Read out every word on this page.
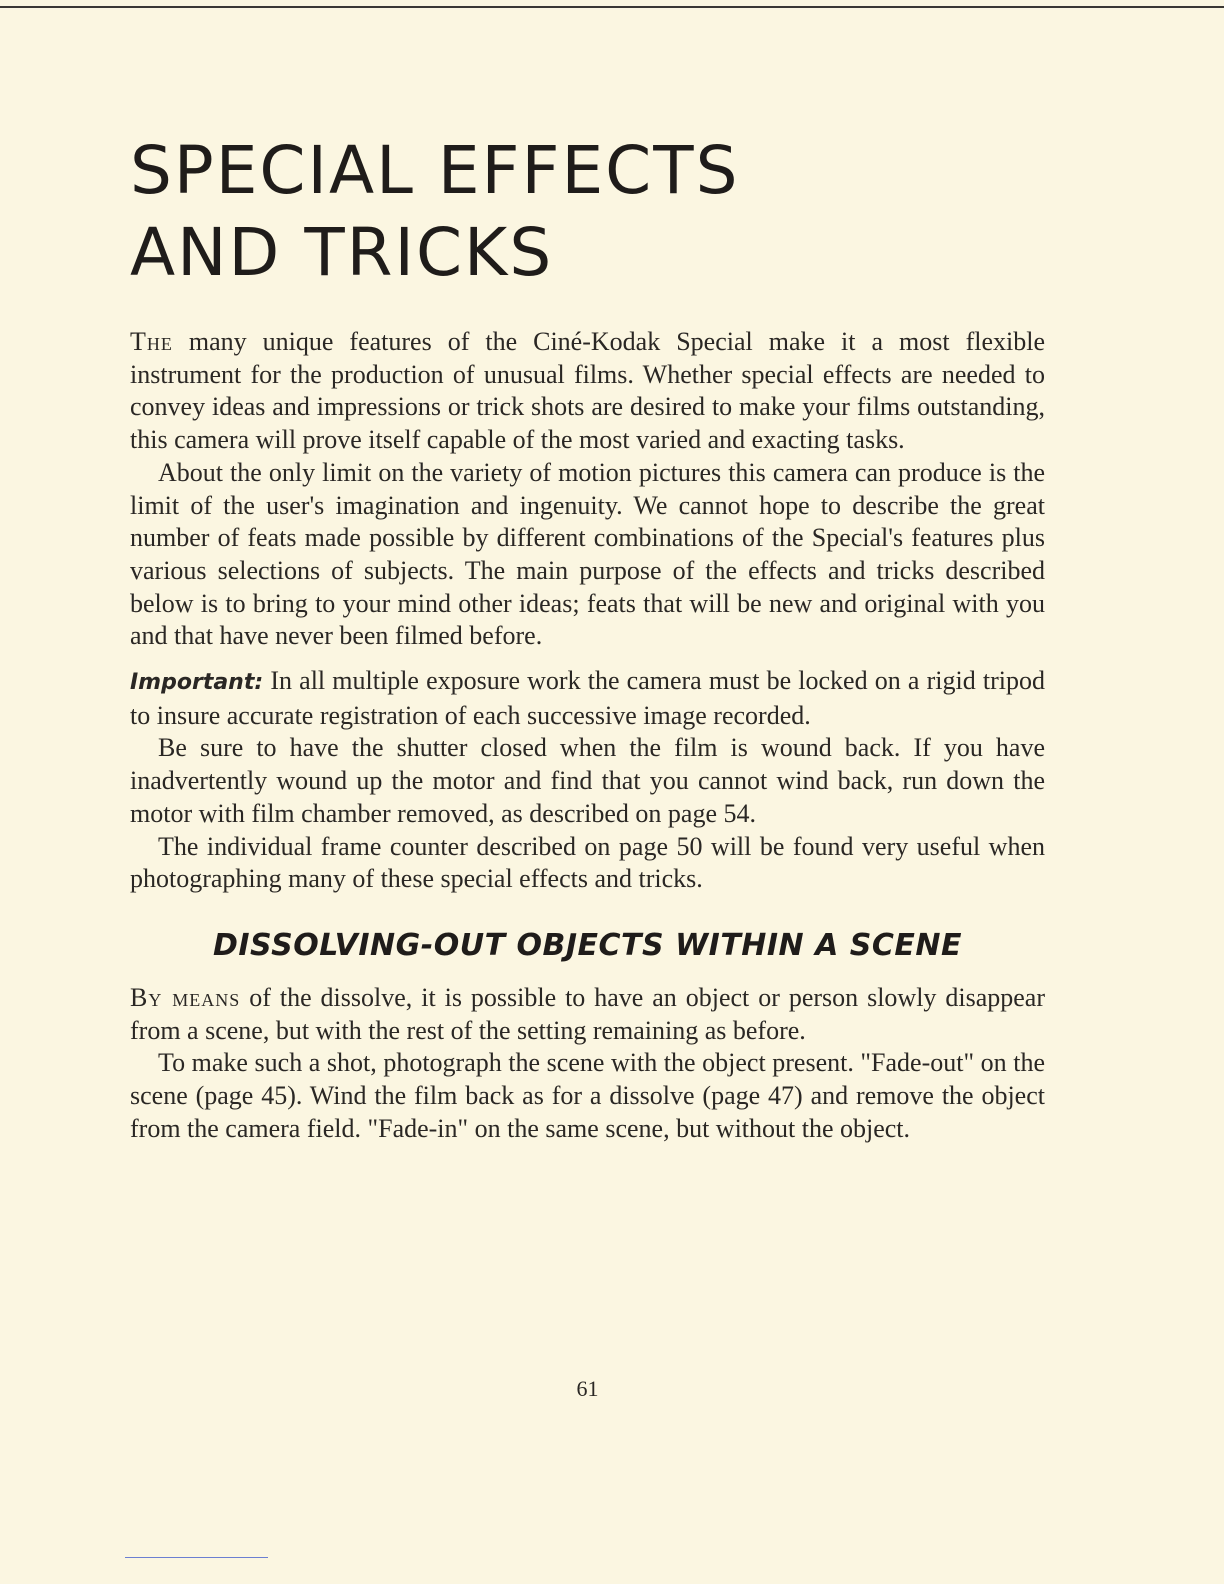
SPECIAL EFFECTS
AND TRICKS

The many unique features of the Ciné-Kodak Special make it a most flexible instrument for the production of unusual films. Whether special effects are needed to convey ideas and impressions or trick shots are desired to make your films outstanding, this camera will prove itself capable of the most varied and exacting tasks.

About the only limit on the variety of motion pictures this camera can produce is the limit of the user's imagination and ingenuity. We cannot hope to describe the great number of feats made possible by different combinations of the Special's features plus various selections of subjects. The main purpose of the effects and tricks described below is to bring to your mind other ideas; feats that will be new and original with you and that have never been filmed before.

Important: In all multiple exposure work the camera must be locked on a rigid tripod to insure accurate registration of each successive image recorded.

Be sure to have the shutter closed when the film is wound back. If you have inadvertently wound up the motor and find that you cannot wind back, run down the motor with film chamber removed, as described on page 54.

The individual frame counter described on page 50 will be found very useful when photographing many of these special effects and tricks.

DISSOLVING-OUT OBJECTS WITHIN A SCENE

By means of the dissolve, it is possible to have an object or person slowly disappear from a scene, but with the rest of the setting remaining as before.

To make such a shot, photograph the scene with the object present. "Fade-out" on the scene (page 45). Wind the film back as for a dissolve (page 47) and remove the object from the camera field. "Fade-in" on the same scene, but without the object.

61
